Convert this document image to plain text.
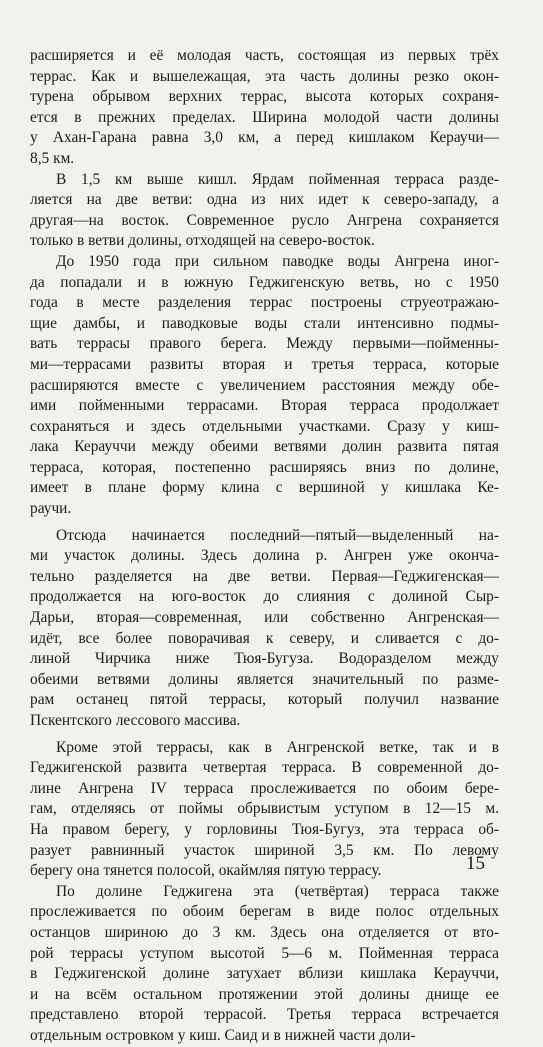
расширяется и её молодая часть, состоящая из первых трёх
террас. Как и вышележащая, эта часть долины резко окон-
турена обрывом верхних террас, высота которых сохраня-
ется в прежних пределах. Ширина молодой части долины
у Ахан-Гарана равна 3,0 км, а перед кишлаком Кераучи—
8,5 км.

В 1,5 км выше кишл. Ярдам пойменная терраса разде-
ляется на две ветви: одна из них идет к северо-западу, а
другая—на восток. Современное русло Ангрена сохраняется
только в ветви долины, отходящей на северо-восток.

До 1950 года при сильном паводке воды Ангрена иног-
да попадали и в южную Геджигенскую ветвь, но с 1950
года в месте разделения террас построены струеотражаю-
щие дамбы, и паводковые воды стали интенсивно подмы-
вать террасы правого берега. Между первыми—пойменны-
ми—террасами развиты вторая и третья терраса, которые
расширяются вместе с увеличением расстояния между обе-
ими пойменными террасами. Вторая терраса продолжает
сохраняться и здесь отдельными участками. Сразу у киш-
лака Керауччи между обеими ветвями долин развита пятая
терраса, которая, постепенно расширяясь вниз по долине,
имеет в плане форму клина с вершиной у кишлака Ке-
раучи.

Отсюда начинается последний—пятый—выделенный на-
ми участок долины. Здесь долина р. Ангрен уже оконча-
тельно разделяется на две ветви. Первая—Геджигенская—
продолжается на юго-восток до слияния с долиной Сыр-
Дарьи, вторая—современная, или собственно Ангренская—
идёт, все более поворачивая к северу, и сливается с до-
линой Чирчика ниже Тюя-Бугуза. Водоразделом между
обеими ветвями долины является значительный по разме-
рам останец пятой террасы, который получил название
Пскентского лессового массива.

Кроме этой террасы, как в Ангренской ветке, так и в
Геджигенской развита четвертая терраса. В современной до-
лине Ангрена IV терраса прослеживается по обоим бере-
гам, отделяясь от поймы обрывистым уступом в 12—15 м.
На правом берегу, у горловины Тюя-Бугуз, эта терраса об-
разует равнинный участок шириной 3,5 км. По левому
берегу она тянется полосой, окаймляя пятую террасу.

По долине Геджигена эта (четвёртая) терраса также
прослеживается по обоим берегам в виде полос отдельных
останцов шириною до 3 км. Здесь она отделяется от вто-
рой террасы уступом высотой 5—6 м. Пойменная терраса
в Геджигенской долине затухает вблизи кишлака Керауччи,
и на всём остальном протяжении этой долины днище ее
представлено второй террасой. Третья терраса встречается
отдельным островком у киш. Саид и в нижней части доли-

15
